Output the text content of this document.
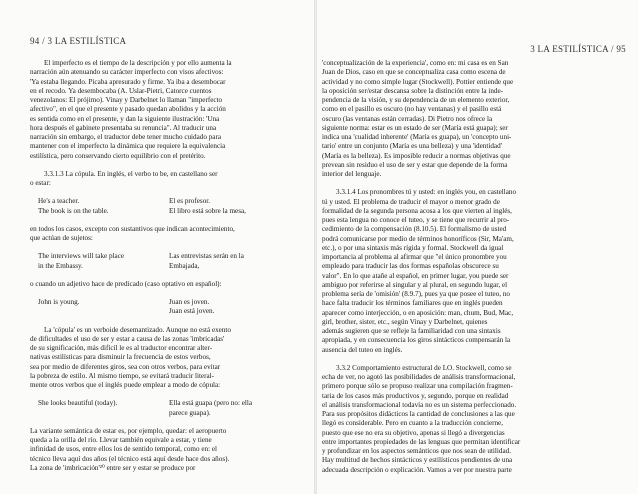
94 / 3 LA ESTILÍSTICA

El imperfecto es el tiempo de la descripción y por ello aumenta la

narración aún atenuando su carácter imperfecto con visos afectivos:

'Ya estaba llegando. Picaba apresurado y firme. Ya iba a desembocar

en el recodo. Ya desembocaba (A. Uslar-Pietri, Catorce cuentos

venezolanos: El prójimo). Vinay y Darbelnet lo llaman "imperfecto

afectivo", en el que el presente y pasado quedan abolidos y la acción

es sentida como en el presente, y dan la siguiente ilustración: 'Una

hora después el gabinete presentaba su renuncia". Al traducir una

narración sin embargo, el traductor debe tener mucho cuidado para

mantener con el imperfecto la dinámica que requiere la equivalencia

estilística, pero conservando cierto equilibrio con el pretérito.

3.3.1.3 La cópula. En inglés, el verbo to be, en castellano ser

o estar:

He's a teacher.	El es profesor.
The book is on the table.	El libro está sobre la mesa,

en todos los casos, excepto con sustantivos que indican acontecimiento,

que actúan de sujetos:

The interviews will take place	Las entrevistas serán en la
in the Embassy.	Embajada,

o cuando un adjetivo hace de predicado (caso optativo en español):

John is young.	Juan es joven.
Juan está joven.

La 'cópula' es un verboide desemantizado. Aunque no está exento

de dificultades el uso de ser y estar a causa de las zonas 'imbricadas'

de su significación, más difícil le es al traductor encontrar alter-

nativas estilísticas para disminuir la frecuencia de estos verbos,

sea por medio de diferentes giros, sea con otros verbos, para evitar

la pobreza de estilo. Al mismo tiempo, se evitará traducir literal-

mente otros verbos que el inglés puede emplear a modo de cópula:

She looks beautiful (today).	Ella está guapa (pero no: ella
parece guapa).

La variante semántica de estar es, por ejemplo, quedar: el aeropuerto

queda a la orilla del río. Llevar también equivale a estar, y tiene

infinidad de usos, entre ellos los de sentido temporal, como en: el

técnico lleva aquí dos años (el técnico está aquí desde hace dos años).

La zona de 'imbricación'²⁰ entre ser y estar se produce por

3 LA ESTILÍSTICA / 95

'conceptualización de la experiencia', como en: mi casa es en San

Juan de Dios, caso en que se conceptualiza casa como escena de

actividad y no como simple lugar (Stockwell). Pottier entiende que

la oposición ser/estar descansa sobre la distinción entre la inde-

pendencia de la visión, y su dependencia de un elemento exterior,

como en el pasillo es oscuro (no hay ventanas) y el pasillo está

oscuro (las ventanas están cerradas). Di Pietro nos ofrece la

siguiente norma: estar es un estado de ser (María está guapa); ser

indica una 'cualidad inherente' (María es guapa), un 'concepto uni-

tario' entre un conjunto (María es una belleza) y una 'identidad'

(María es la belleza). Es imposible reducir a normas objetivas que

prevean sin residuo el uso de ser y estar que depende de la forma

interior del lenguaje.

3.3.1.4 Los pronombres tú y usted: en inglés you, en castellano

tú y usted. El problema de traducir el mayor o menor grado de

formalidad de la segunda persona acosa a los que vierten al inglés,

pues esta lengua no conoce el tuteo, y se tiene que recurrir al pro-

cedimiento de la compensación (8.10.5). El formalismo de usted

podrá comunicarse por medio de términos honoríficos (Sir, Ma'am,

etc.), o por una sintaxis más rígida y formal. Stockwell da igual

importancia al problema al afirmar que "el único pronombre you

empleado para traducir las dos formas españolas obscurece su

valor". En lo que atañe al español, en primer lugar, you puede ser

ambiguo por referirse al singular y al plural, en segundo lugar, el

problema sería de 'omisión' (8.9.7), pues ya que posee el tuteo, no

hace falta traducir los términos familiares que en inglés pueden

aparecer como interjección, o en aposición: man, chum, Bud, Mac,

girl, brother, sister, etc., según Vinay y Darbelnet, quienes

además sugieren que se refleje la familiaridad con una sintaxis

apropiada, y en consecuencia los giros sintácticos compensarán la

ausencia del tuteo en inglés.

3.3.2 Comportamiento estructural de LO. Stockwell, como se

echa de ver, no agotó las posibilidades de análisis transformacional,

primero porque sólo se propuso realizar una compilación fragmen-

taria de los casos más productivos y, segundo, porque en realidad

el análisis transformacional todavía no es un sistema perfeccionado.

Para sus propósitos didácticos la cantidad de conclusiones a las que

llegó es considerable. Pero en cuanto a la traducción concierne,

puesto que ese no era su objetivo, apenas si llegó a divergencias

entre importantes propiedades de las lenguas que permitan identificar

y profundizar en los aspectos semánticos que nos sean de utilidad.

Hay multitud de hechos sintácticos y estilísticos pendientes de una

adecuada descripción o explicación. Vamos a ver por nuestra parte
